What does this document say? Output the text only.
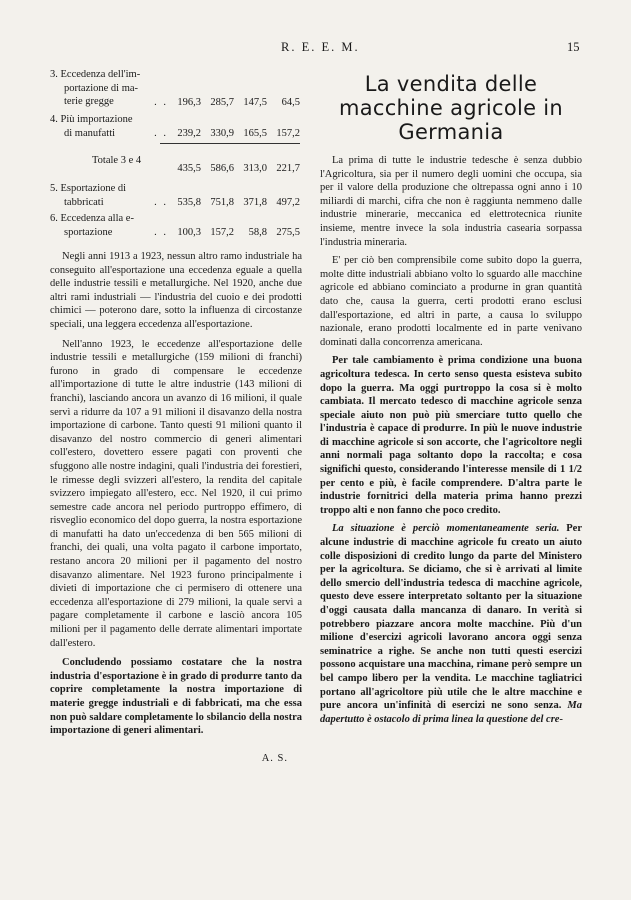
R. E. E. M.	15
3. Eccedenza dell'im-
portazione di ma-
terie gregge	. . 196,3 285,7 147,5	64,5
4. Più importazione
di manufatti	. . 239,2 330,9 165,5 157,2
Totale 3 e 4
435,5 586,6 313,0 221,7
5. Esportazione di
tabbricati	. . 535,8 751,8 371,8 497,2
6. Eccedenza alla e-
sportazione	. . 100,3 157,2	58,8 275,5

Negli anni 1913 a 1923, nessun altro ramo industriale ha conseguito all'esportazione una eccedenza eguale a quella delle industrie tessili e metallurgiche. Nel 1920, anche due altri rami industriali — l'industria del cuoio e dei prodotti chimici — poterono dare, sotto la influenza di circostanze speciali, una leggera eccedenza all'esportazione.

Nell'anno 1923, le eccedenze all'esportazione delle industrie tessili e metallurgiche (159 milioni di franchi) furono in grado di compensare le eccedenze all'importazione di tutte le altre industrie (143 milioni di franchi), lasciando ancora un avanzo di 16 milioni, il quale servì a ridurre da 107 a 91 milioni il disavanzo della nostra importazione di carbone. Tanto questi 91 milioni quanto il disavanzo del nostro commercio di generi alimentari coll'estero, dovettero essere pagati con proventi che sfuggono alle nostre indagini, quali l'industria dei forestieri, le rimesse degli svizzeri all'estero, la rendita del capitale svizzero impiegato all'estero, ecc. Nel 1920, il cui primo semestre cade ancora nel periodo purtroppo effimero, di risveglio economico del dopo guerra, la nostra esportazione di manufatti ha dato un'eccedenza di ben 565 milioni di franchi, dei quali, una volta pagato il carbone importato, restano ancora 20 milioni per il pagamento del nostro disavanzo alimentare. Nel 1923 furono principalmente i divieti di importazione che ci permisero di ottenere una eccedenza all'esportazione di 279 milioni, la quale servì a pagare completamente il carbone e lasciò ancora 105 milioni per il pagamento delle derrate alimentari importate dall'estero.

Concludendo possiamo costatare che la nostra industria d'esportazione è in grado di produrre tanto da coprire completamente la nostra importazione di materie gregge industriali e di fabbricati, ma che essa non può saldare completamente lo sbilancio della nostra importazione di generi alimentari.

A. S.
La vendita delle macchine agricole in Germania

La prima di tutte le industrie tedesche è senza dubbio l'Agricoltura, sia per il numero degli uomini che occupa, sia per il valore della produzione che oltrepassa ogni anno i 10 miliardi di marchi, cifra che non è raggiunta nemmeno dalle industrie minerarie, meccanica ed elettrotecnica riunite insieme, mentre invece la sola industria casearia sorpassa l'industria mineraria.

E' per ciò ben comprensibile come subito dopo la guerra, molte ditte industriali abbiano volto lo sguardo alle macchine agricole ed abbiano cominciato a produrne in gran quantità dato che, causa la guerra, certi prodotti erano esclusi dall'esportazione, ed altri in parte, a causa lo sviluppo nazionale, erano prodotti localmente ed in parte venivano dominati dalla concorrenza americana.

Per tale cambiamento è prima condizione una buona agricoltura tedesca. In certo senso questa esisteva subito dopo la guerra. Ma oggi purtroppo la cosa si è molto cambiata. Il mercato tedesco di macchine agricole senza speciale aiuto non può più smerciare tutto quello che l'industria è capace di produrre. In più le nuove industrie di macchine agricole si son accorte, che l'agricoltore negli anni normali paga soltanto dopo la raccolta; e cosa significhi questo, considerando l'interesse mensile di 1 1/2 per cento e più, è facile comprendere. D'altra parte le industrie fornitrici della materia prima hanno prezzi troppo alti e non fanno che poco credito.

La situazione è perciò momentaneamente seria. Per alcune industrie di macchine agricole fu creato un aiuto colle disposizioni di credito lungo da parte del Ministero per la agricoltura. Se diciamo, che si è arrivati al limite dello smercio dell'industria tedesca di macchine agricole, questo deve essere interpretato soltanto per la situazione d'oggi causata dalla mancanza di danaro. In verità si potrebbero piazzare ancora molte macchine. Più d'un milione d'esercizi agricoli lavorano ancora oggi senza seminatrice a righe. Se anche non tutti questi esercizi possono acquistare una macchina, rimane però sempre un bel campo libero per la vendita. Le macchine tagliatrici portano all'agricoltore più utile che le altre macchine e pure ancora un'infinità di esercizi ne sono senza. Ma dapertutto è ostacolo di prima linea la questione del cre-
